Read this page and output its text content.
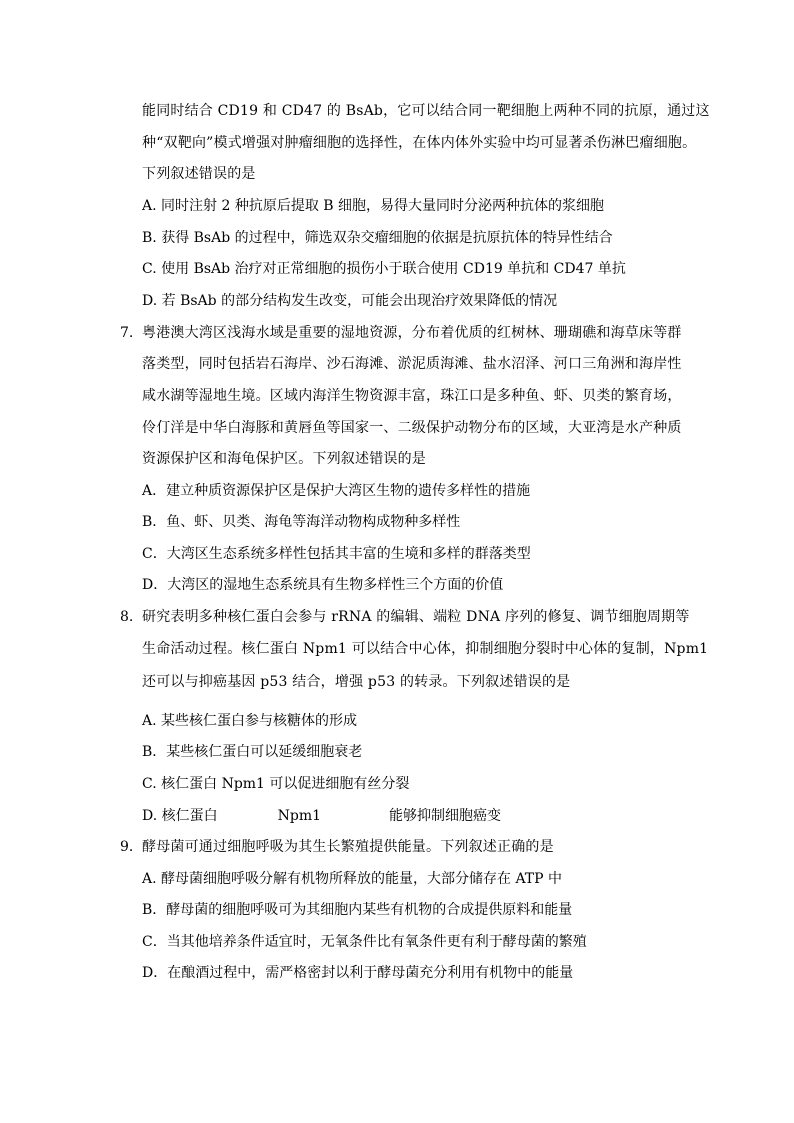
能同时结合 CD19 和 CD47 的 BsAb，它可以结合同一靶细胞上两种不同的抗原，通过这
种“双靶向”模式增强对肿瘤细胞的选择性，在体内体外实验中均可显著杀伤淋巴瘤细胞。
下列叙述错误的是
A. 同时注射 2 种抗原后提取 B 细胞，易得大量同时分泌两种抗体的浆细胞
B. 获得 BsAb 的过程中，筛选双杂交瘤细胞的依据是抗原抗体的特异性结合
C. 使用 BsAb 治疗对正常细胞的损伤小于联合使用 CD19 单抗和 CD47 单抗
D. 若 BsAb 的部分结构发生改变，可能会出现治疗效果降低的情况
7. 粤港澳大湾区浅海水域是重要的湿地资源，分布着优质的红树林、珊瑚礁和海草床等群
落类型，同时包括岩石海岸、沙石海滩、淤泥质海滩、盐水沼泽、河口三角洲和海岸性
咸水湖等湿地生境。区域内海洋生物资源丰富，珠江口是多种鱼、虾、贝类的繁育场，
伶仃洋是中华白海豚和黄唇鱼等国家一、二级保护动物分布的区域，大亚湾是水产种质
资源保护区和海龟保护区。下列叙述错误的是
A．建立种质资源保护区是保护大湾区生物的遗传多样性的措施
B．鱼、虾、贝类、海龟等海洋动物构成物种多样性
C．大湾区生态系统多样性包括其丰富的生境和多样的群落类型
D．大湾区的湿地生态系统具有生物多样性三个方面的价值
8. 研究表明多种核仁蛋白会参与 rRNA 的编辑、端粒 DNA 序列的修复、调节细胞周期等
生命活动过程。核仁蛋白 Npm1 可以结合中心体，抑制细胞分裂时中心体的复制，Npm1
还可以与抑癌基因 p53 结合，增强 p53 的转录。下列叙述错误的是
A. 某些核仁蛋白参与核糖体的形成
B．某些核仁蛋白可以延缓细胞衰老
C. 核仁蛋白 Npm1 可以促进细胞有丝分裂
D. 核仁蛋白	Npm1	能够抑制细胞癌变
9． 酵母菌可通过细胞呼吸为其生长繁殖提供能量。下列叙述正确的是
A. 酵母菌细胞呼吸分解有机物所释放的能量，大部分储存在 ATP 中
B．酵母菌的细胞呼吸可为其细胞内某些有机物的合成提供原料和能量
C．当其他培养条件适宜时，无氧条件比有氧条件更有利于酵母菌的繁殖
D．在酿酒过程中，需严格密封以利于酵母菌充分利用有机物中的能量
